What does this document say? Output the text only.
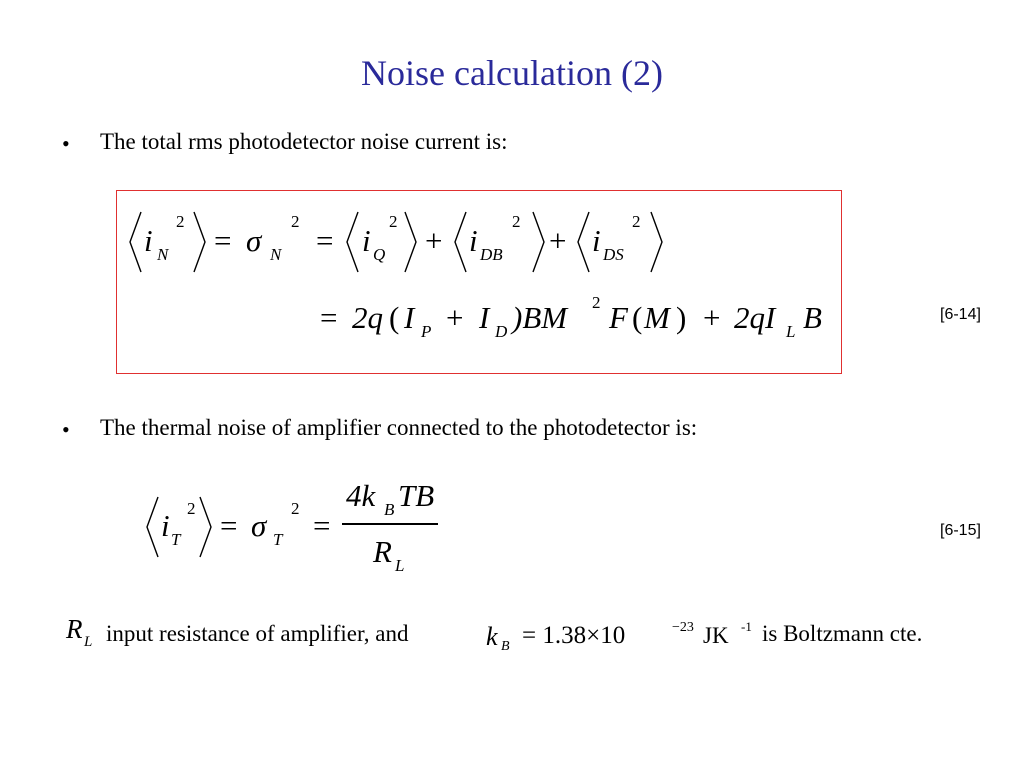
Noise calculation (2)
• The total rms photodetector noise current is:
i N
2
= σ N
2
= i Q
2
+ i DB
2
+ i DS
2
= 2q ( I P + I D )BM 2 F ( M ) + 2qI L B	[6-14]
• The thermal noise of amplifier connected to the photodetector is:
i T
2 = σ T
2 =
4k B TB
R L
[6-15]
R L input resistance of amplifier, and	k B = 1.38×10	−23 JK -1 is Boltzmann cte.
